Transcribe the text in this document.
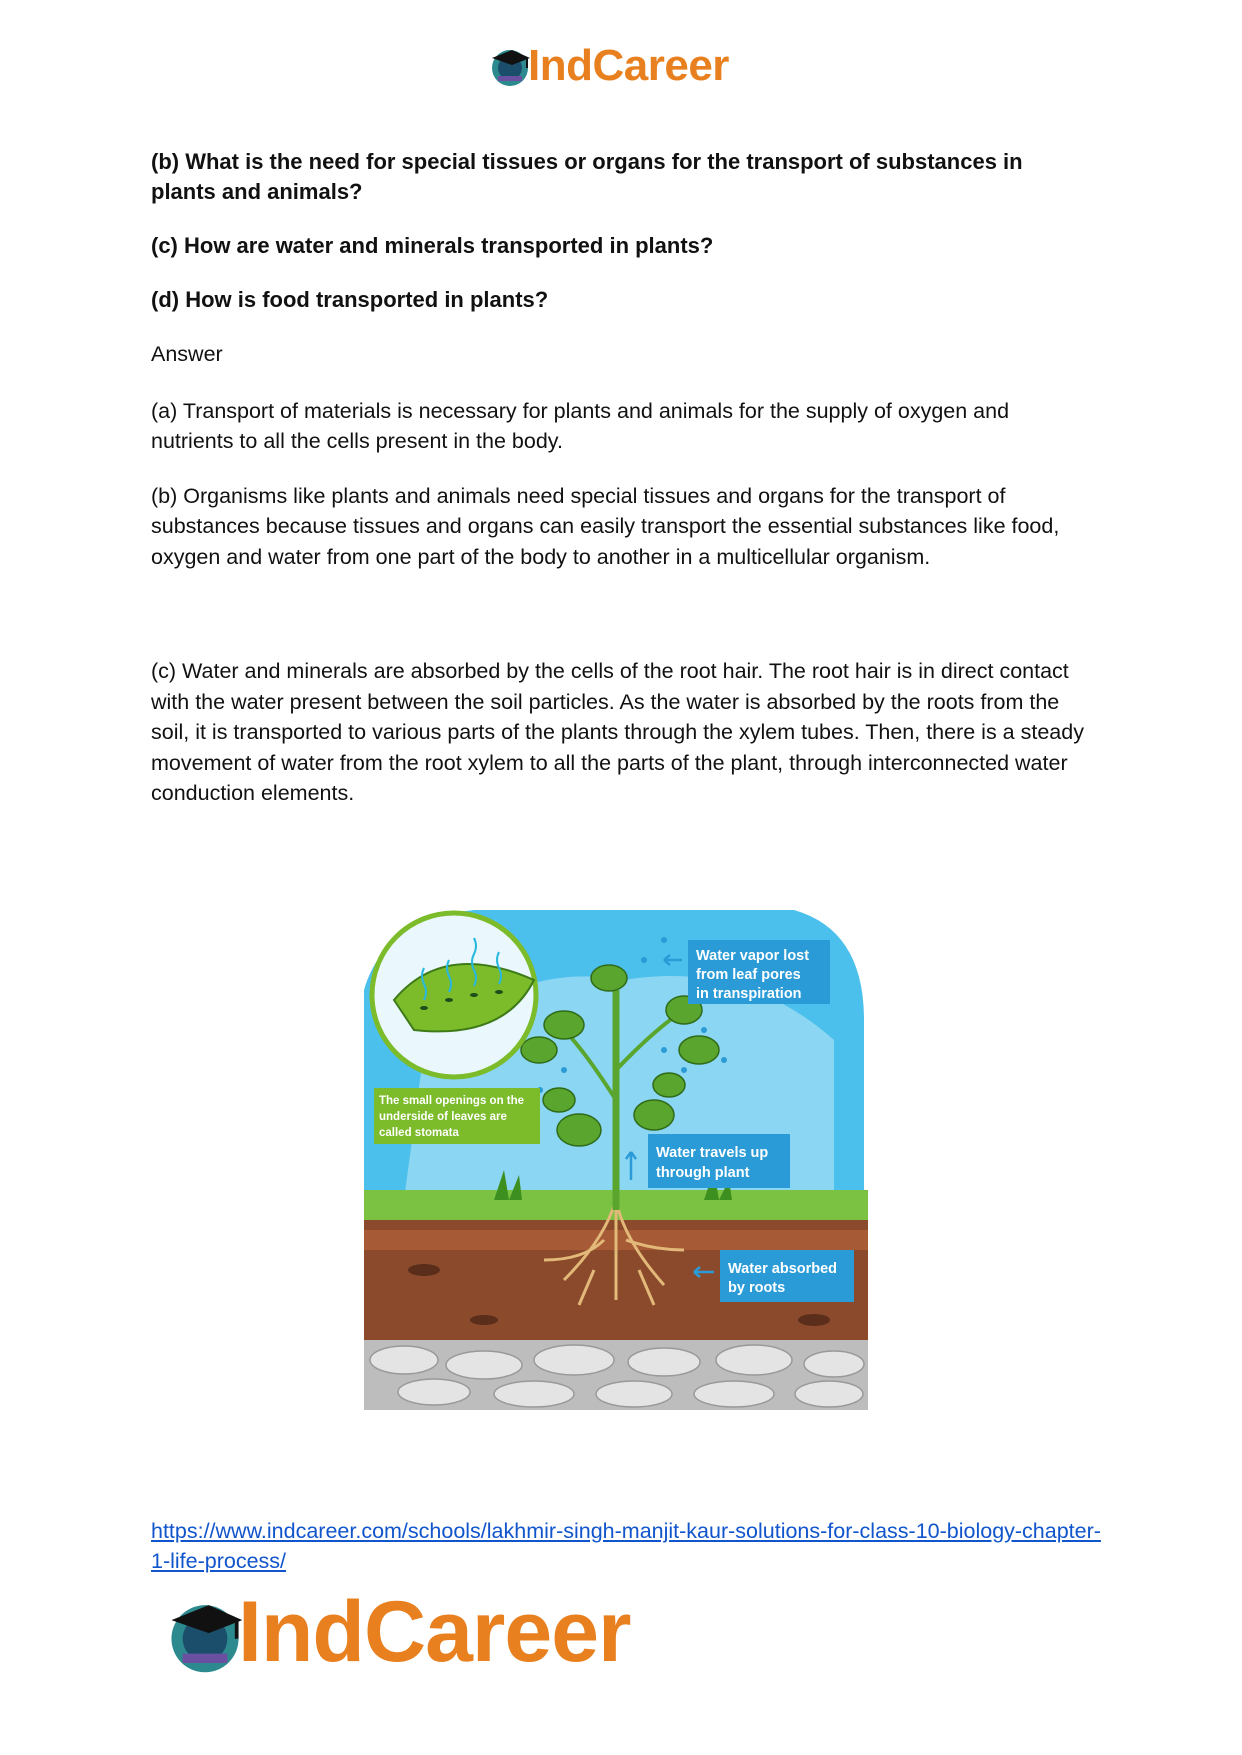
IndCareer

(b) What is the need for special tissues or organs for the transport of substances in plants and animals?

(c) How are water and minerals transported in plants?

(d) How is food transported in plants?

Answer

(a) Transport of materials is necessary for plants and animals for the supply of oxygen and nutrients to all the cells present in the body.

(b) Organisms like plants and animals need special tissues and organs for the transport of substances because tissues and organs can easily transport the essential substances like food, oxygen and water from one part of the body to another in a multicellular organism.

(c) Water and minerals are absorbed by the cells of the root hair. The root hair is in direct contact with the water present between the soil particles. As the water is absorbed by the roots from the soil, it is transported to various parts of the plants through the xylem tubes. Then, there is a steady movement of water from the root xylem to all the parts of the plant, through interconnected water conduction elements.

Water vapor lost
from leaf pores
in transpiration
The small openings on the
underside of leaves are
called stomata
Water travels up
through plant
Water absorbed
by roots
https://www.indcareer.com/schools/lakhmir-singh-manjit-kaur-solutions-for-class-10-biology-chapter-1-life-process/
IndCareer
